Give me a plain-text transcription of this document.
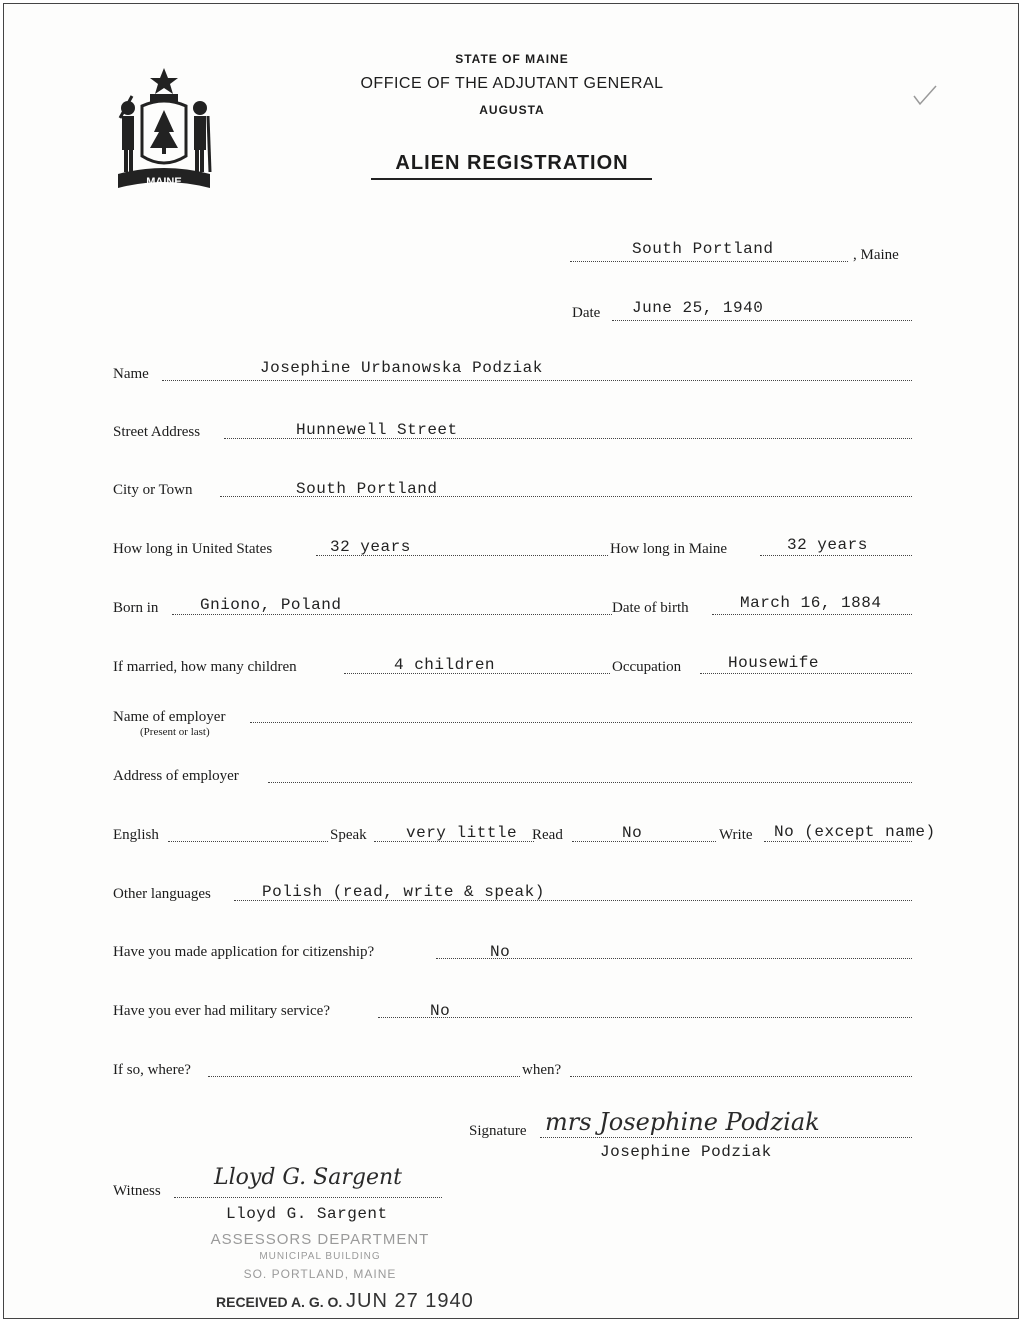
MAINE
STATE OF MAINE
OFFICE OF THE ADJUTANT GENERAL
AUGUSTA
ALIEN REGISTRATION
South Portland	, Maine
Date June 25, 1940
Name	Josephine Urbanowska Podziak
Street Address	Hunnewell Street
City or Town	South Portland
How long in United States	32 years	How long in Maine	32 years
Born in	Gniono, Poland	Date of birth	March 16, 1884
If married, how many children	4 children	Occupation	Housewife
Name of employer
(Present or last)
Address of employer
English	Speak very little Read	No	Write No (except name)
Other languages	Polish (read, write & speak)
Have you made application for citizenship?	No
Have you ever had military service?	No
If so, where?	when?
Signature mrs Josephine Podziak
Josephine Podziak
Witness
Lloyd G. Sargent
Lloyd G. Sargent
ASSESSORS DEPARTMENT
MUNICIPAL BUILDING
SO. PORTLAND, MAINE
RECEIVED A. G. O. JUN 27 1940
